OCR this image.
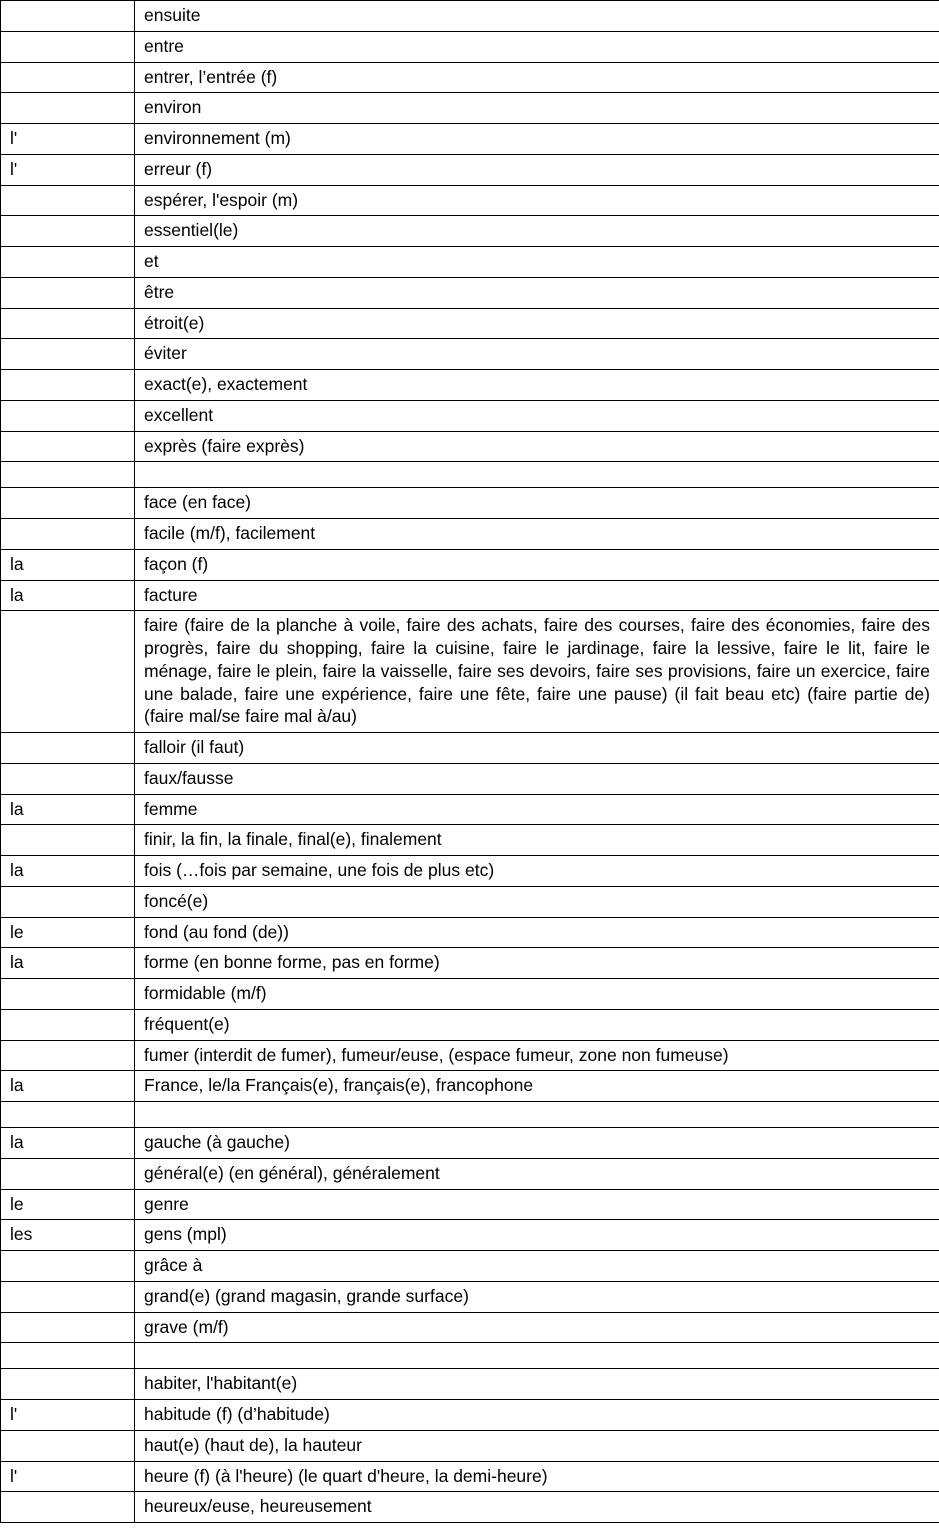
	ensuite
	entre
	entrer, l’entrée (f)
	environ
l'	environnement (m)
l'	erreur (f)
	espérer, l'espoir (m)
	essentiel(le)
	et
	être
	étroit(e)
	éviter
	exact(e), exactement
	excellent
	exprès (faire exprès)

	face (en face)
	facile (m/f), facilement
la	façon (f)
la	facture
	faire (faire de la planche à voile, faire des achats, faire des courses, faire des économies, faire des progrès, faire du shopping, faire la cuisine, faire le jardinage, faire la lessive, faire le lit, faire le ménage, faire le plein, faire la vaisselle, faire ses devoirs, faire ses provisions, faire un exercice, faire une balade, faire une expérience, faire une fête, faire une pause) (il fait beau etc) (faire partie de) (faire mal/se faire mal à/au)
	falloir (il faut)
	faux/fausse
la	femme
	finir, la fin, la finale, final(e), finalement
la	fois (…fois par semaine, une fois de plus etc)
	foncé(e)
le	fond (au fond (de))
la	forme (en bonne forme, pas en forme)
	formidable (m/f)
	fréquent(e)
	fumer (interdit de fumer), fumeur/euse, (espace fumeur, zone non fumeuse)
la	France, le/la Français(e), français(e), francophone

la	gauche (à gauche)
	général(e) (en général), généralement
le	genre
les	gens (mpl)
	grâce à
	grand(e) (grand magasin, grande surface)
	grave (m/f)

	habiter, l'habitant(e)
l'	habitude (f) (d’habitude)
	haut(e) (haut de), la hauteur
l'	heure (f) (à l'heure) (le quart d'heure, la demi-heure)
	heureux/euse, heureusement
